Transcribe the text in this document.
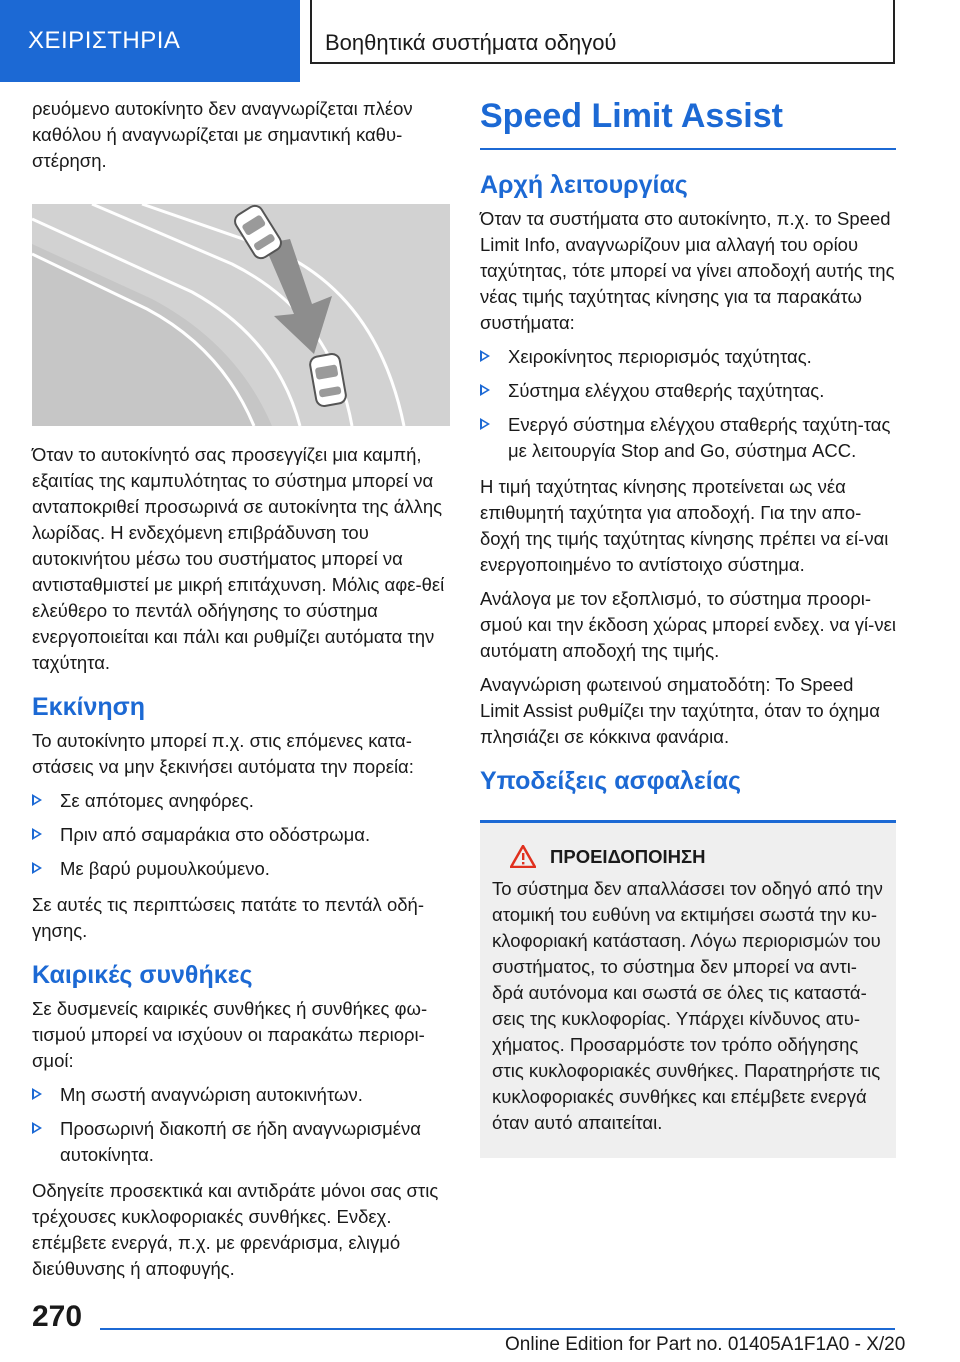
ΧΕΙΡΙΣΤΗΡΙΑ	Βοηθητικά συστήματα οδηγού

ρευόμενο αυτοκίνητο δεν αναγνωρίζεται πλέον καθόλου ή αναγνωρίζεται με σημαντική καθυ-στέρηση.

Όταν το αυτοκίνητό σας προσεγγίζει μια καμπή, εξαιτίας της καμπυλότητας το σύστημα μπορεί να ανταποκριθεί προσωρινά σε αυτοκίνητα της άλλης λωρίδας. Η ενδεχόμενη επιβράδυνση του αυτοκινήτου μέσω του συστήματος μπορεί να αντισταθμιστεί με μικρή επιτάχυνση. Μόλις αφε-θεί ελεύθερο το πεντάλ οδήγησης το σύστημα ενεργοποιείται και πάλι και ρυθμίζει αυτόματα την ταχύτητα.

Εκκίνηση

Το αυτοκίνητο μπορεί π.χ. στις επόμενες κατα-στάσεις να μην ξεκινήσει αυτόματα την πορεία:

Σε απότομες ανηφόρες.
Πριν από σαμαράκια στο οδόστρωμα.
Με βαρύ ρυμουλκούμενο.

Σε αυτές τις περιπτώσεις πατάτε το πεντάλ οδή-γησης.

Καιρικές συνθήκες

Σε δυσμενείς καιρικές συνθήκες ή συνθήκες φω-τισμού μπορεί να ισχύουν οι παρακάτω περιορι-σμοί:

Μη σωστή αναγνώριση αυτοκινήτων.
Προσωρινή διακοπή σε ήδη αναγνωρισμένα αυτοκίνητα.

Οδηγείτε προσεκτικά και αντιδράτε μόνοι σας στις τρέχουσες κυκλοφοριακές συνθήκες. Ενδεχ. επέμβετε ενεργά, π.χ. με φρενάρισμα, ελιγμό διεύθυνσης ή αποφυγής.

Speed Limit Assist
Αρχή λειτουργίας

Όταν τα συστήματα στο αυτοκίνητο, π.χ. το Speed Limit Info, αναγνωρίζουν μια αλλαγή του ορίου ταχύτητας, τότε μπορεί να γίνει αποδοχή αυτής της νέας τιμής ταχύτητας κίνησης για τα παρακάτω συστήματα:

Χειροκίνητος περιορισμός ταχύτητας.
Σύστημα ελέγχου σταθερής ταχύτητας.
Ενεργό σύστημα ελέγχου σταθερής ταχύτη-τας με λειτουργία Stop and Go, σύστημα ACC.

Η τιμή ταχύτητας κίνησης προτείνεται ως νέα επιθυμητή ταχύτητα για αποδοχή. Για την απο-δοχή της τιμής ταχύτητας κίνησης πρέπει να εί-ναι ενεργοποιημένο το αντίστοιχο σύστημα.

Ανάλογα με τον εξοπλισμό, το σύστημα προορι-σμού και την έκδοση χώρας μπορεί ενδεχ. να γί-νει αυτόματη αποδοχή της τιμής.

Αναγνώριση φωτεινού σηματοδότη: Το Speed Limit Assist ρυθμίζει την ταχύτητα, όταν το όχημα πλησιάζει σε κόκκινα φανάρια.

Υποδείξεις ασφαλείας
ΠΡΟΕΙΔΟΠΟΙΗΣΗ

Το σύστημα δεν απαλλάσσει τον οδηγό από την ατομική του ευθύνη να εκτιμήσει σωστά την κυ-κλοφοριακή κατάσταση. Λόγω περιορισμών του συστήματος, το σύστημα δεν μπορεί να αντι-δρά αυτόνομα και σωστά σε όλες τις καταστά-σεις της κυκλοφορίας. Υπάρχει κίνδυνος ατυ-χήματος. Προσαρμόστε τον τρόπο οδήγησης στις κυκλοφοριακές συνθήκες. Παρατηρήστε τις κυκλοφοριακές συνθήκες και επέμβετε ενεργά όταν αυτό απαιτείται.

270
Online Edition for Part no. 01405A1F1A0 - X/20
